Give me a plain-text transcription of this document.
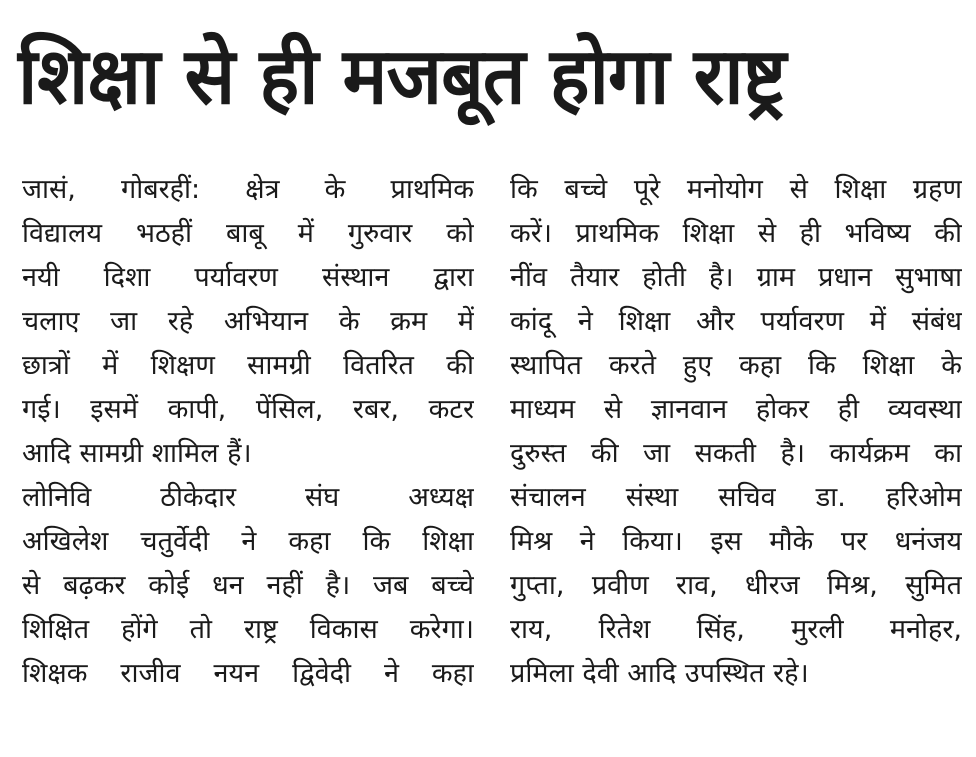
शिक्षा से ही मजबूत होगा राष्ट्र
जासं, गोबरहीं: क्षेत्र के प्राथमिक
विद्यालय भठहीं बाबू में गुरुवार को
नयी दिशा पर्यावरण संस्थान द्वारा
चलाए जा रहे अभियान के क्रम में
छात्रों में शिक्षण सामग्री वितरित की
गई। इसमें कापी, पेंसिल, रबर, कटर
आदि सामग्री शामिल हैं।
लोनिवि ठीकेदार संघ अध्यक्ष
अखिलेश चतुर्वेदी ने कहा कि शिक्षा
से बढ़कर कोई धन नहीं है। जब बच्चे
शिक्षित होंगे तो राष्ट्र विकास करेगा।
शिक्षक राजीव नयन द्विवेदी ने कहा
कि बच्चे पूरे मनोयोग से शिक्षा ग्रहण
करें। प्राथमिक शिक्षा से ही भविष्य की
नींव तैयार होती है। ग्राम प्रधान सुभाषा
कांदू ने शिक्षा और पर्यावरण में संबंध
स्थापित करते हुए कहा कि शिक्षा के
माध्यम से ज्ञानवान होकर ही व्यवस्था
दुरुस्त की जा सकती है। कार्यक्रम का
संचालन संस्था सचिव डा. हरिओम
मिश्र ने किया। इस मौके पर धनंजय
गुप्ता, प्रवीण राव, धीरज मिश्र, सुमित
राय, रितेश सिंह, मुरली मनोहर,
प्रमिला देवी आदि उपस्थित रहे।
